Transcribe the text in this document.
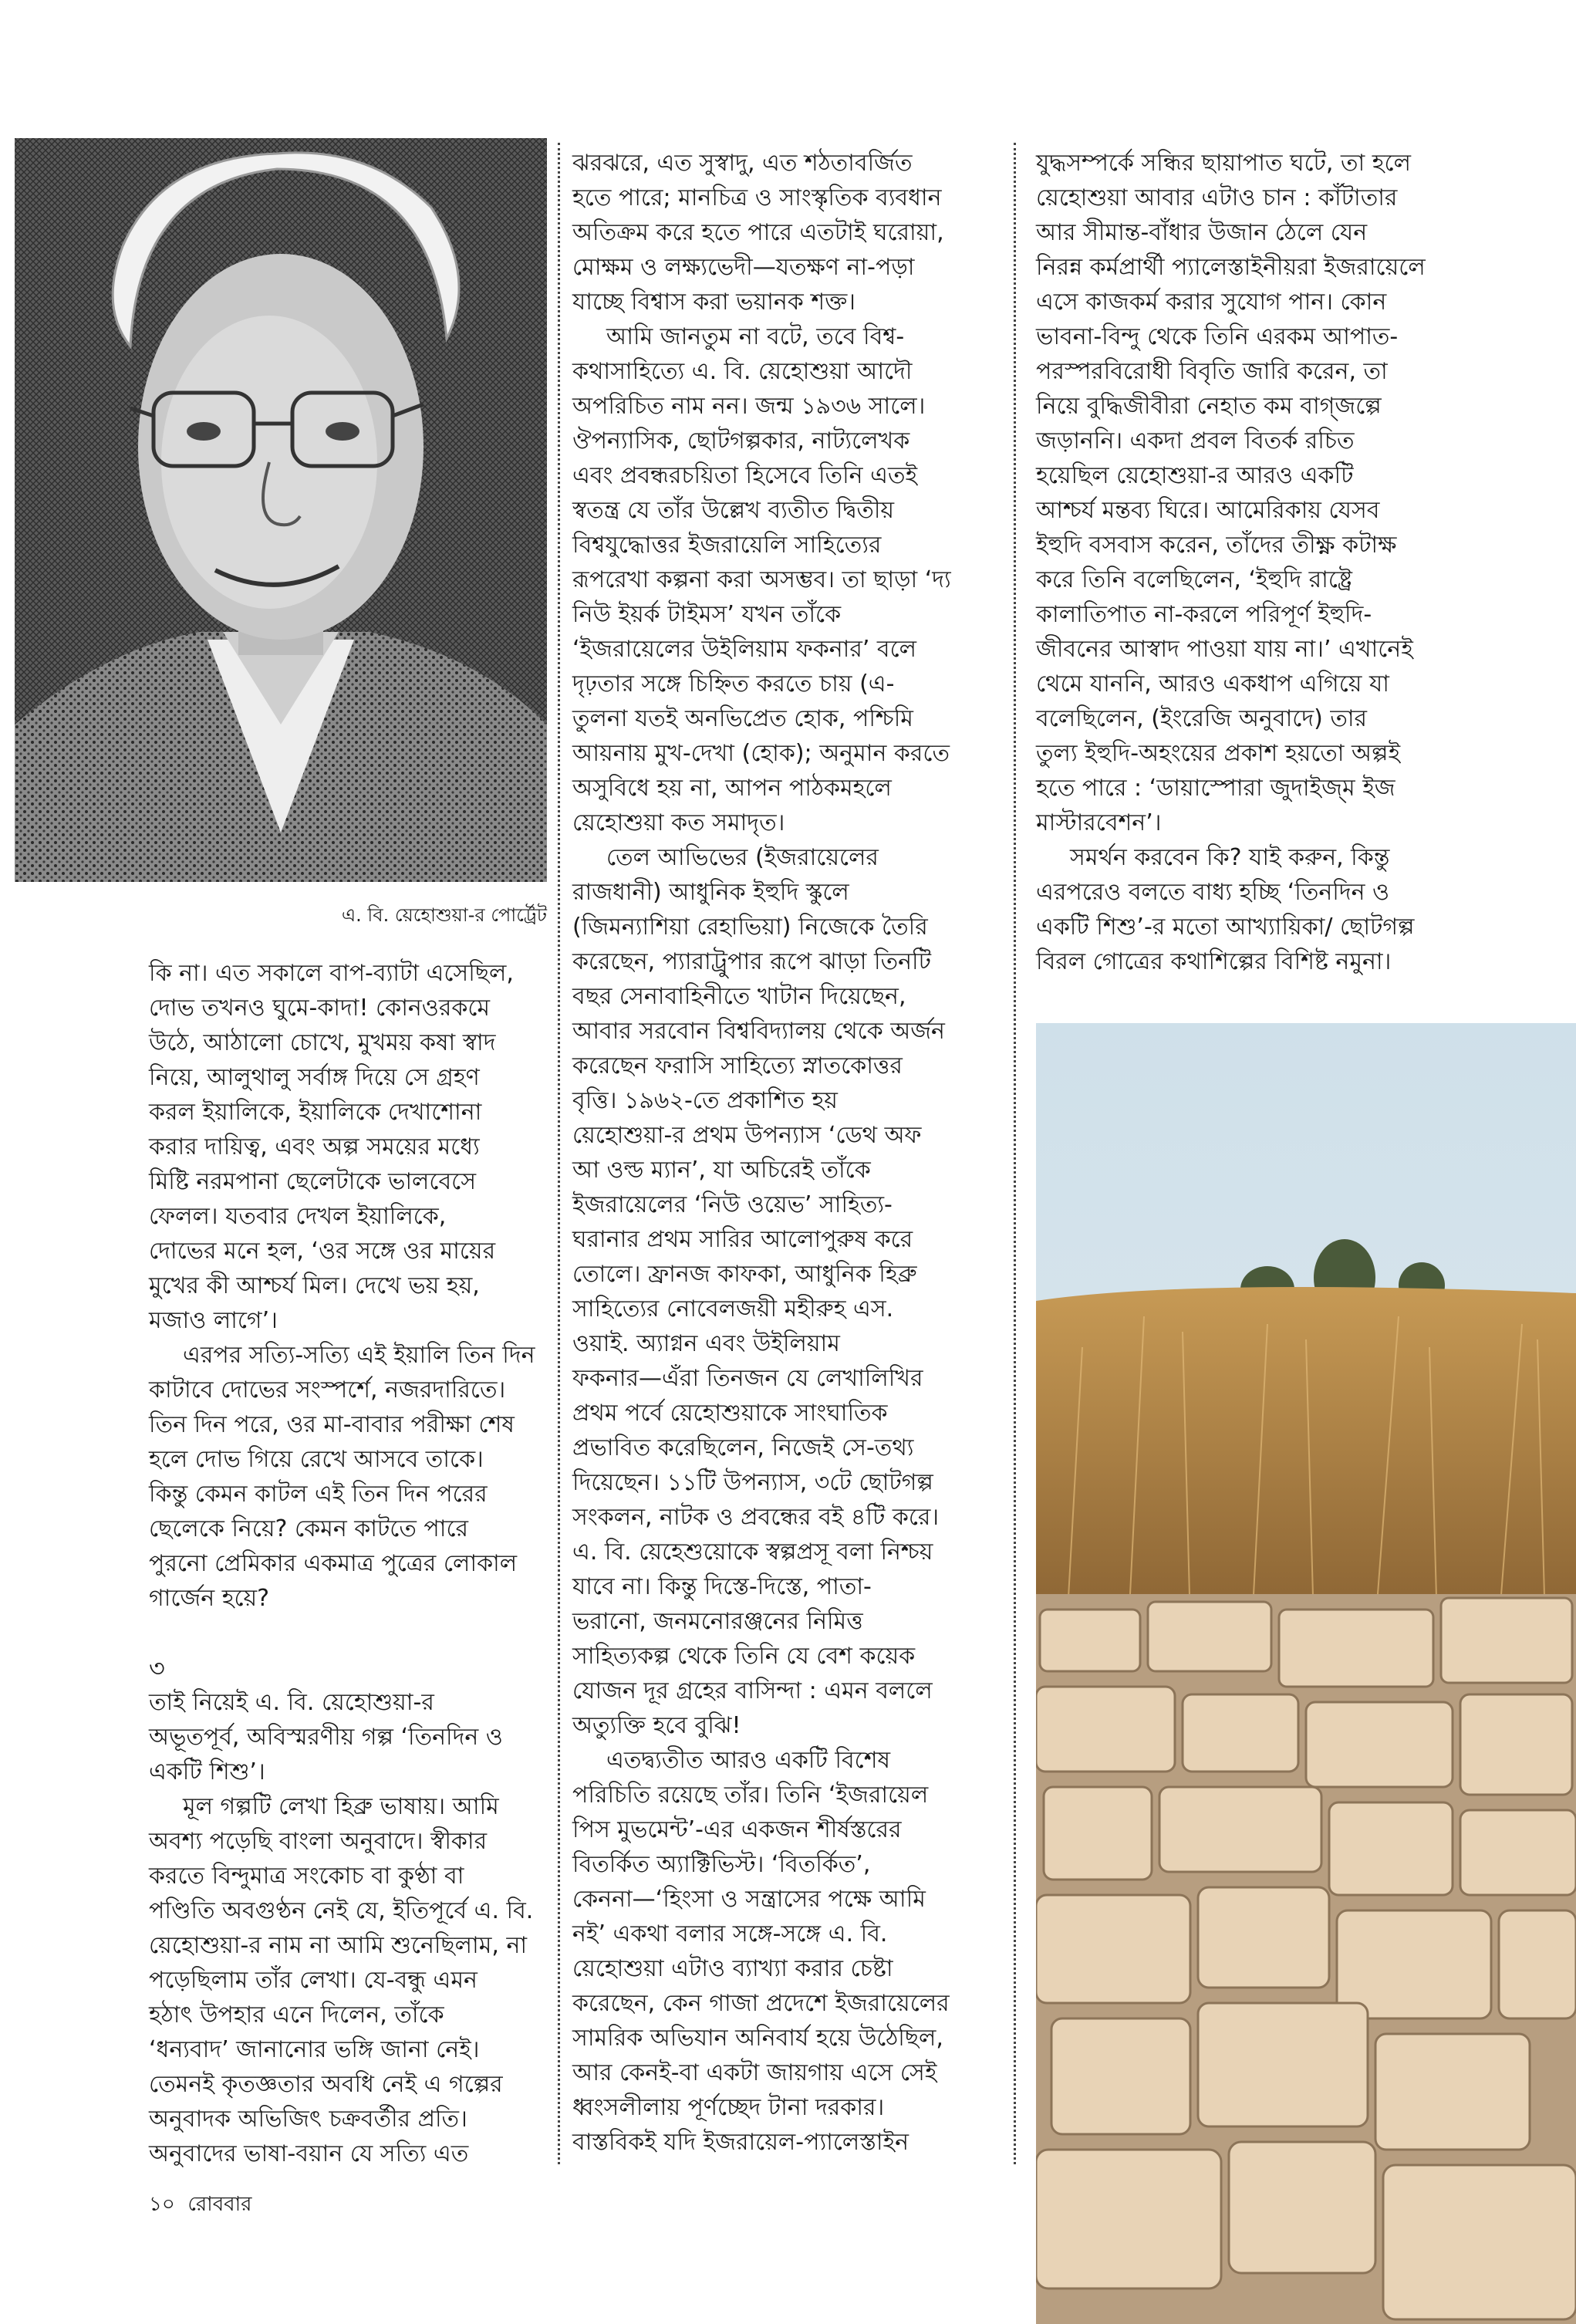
এ. বি. য়েহোশুয়া-র পোর্ট্রেট
কি না। এত সকালে বাপ-ব্যাটা এসেছিল,
দোভ তখনও ঘুমে-কাদা! কোনওরকমে
উঠে, আঠালো চোখে, মুখময় কষা স্বাদ
নিয়ে, আলুথালু সর্বাঙ্গ দিয়ে সে গ্রহণ
করল ইয়ালিকে, ইয়ালিকে দেখাশোনা
করার দায়িত্ব, এবং অল্প সময়ের মধ্যে
মিষ্টি নরমপানা ছেলেটাকে ভালবেসে
ফেলল। যতবার দেখল ইয়ালিকে,
দোভের মনে হল, ‘ওর সঙ্গে ওর মায়ের
মুখের কী আশ্চর্য মিল। দেখে ভয় হয়,
মজাও লাগে’।
এরপর সত্যি-সত্যি এই ইয়ালি তিন দিন
কাটাবে দোভের সংস্পর্শে, নজরদারিতে।
তিন দিন পরে, ওর মা-বাবার পরীক্ষা শেষ
হলে দোভ গিয়ে রেখে আসবে তাকে।
কিন্তু কেমন কাটল এই তিন দিন পরের
ছেলেকে নিয়ে? কেমন কাটতে পারে
পুরনো প্রেমিকার একমাত্র পুত্রের লোকাল
গার্জেন হয়ে?
৩
তাই নিয়েই এ. বি. য়েহোশুয়া-র
অভূতপূর্ব, অবিস্মরণীয় গল্প ‘তিনদিন ও
একটি শিশু’।
মূল গল্পটি লেখা হিব্রু ভাষায়। আমি
অবশ্য পড়েছি বাংলা অনুবাদে। স্বীকার
করতে বিন্দুমাত্র সংকোচ বা কুণ্ঠা বা
পণ্ডিতি অবগুণ্ঠন নেই যে, ইতিপূর্বে এ. বি.
য়েহোশুয়া-র নাম না আমি শুনেছিলাম, না
পড়েছিলাম তাঁর লেখা। যে-বন্ধু এমন
হঠাৎ উপহার এনে দিলেন, তাঁকে
‘ধন্যবাদ’ জানানোর ভঙ্গি জানা নেই।
তেমনই কৃতজ্ঞতার অবধি নেই এ গল্পের
অনুবাদক অভিজিৎ চক্রবর্তীর প্রতি।
অনুবাদের ভাষা-বয়ান যে সত্যি এত
ঝরঝরে, এত সুস্বাদু, এত শঠতাবর্জিত
হতে পারে; মানচিত্র ও সাংস্কৃতিক ব্যবধান
অতিক্রম করে হতে পারে এতটাই ঘরোয়া,
মোক্ষম ও লক্ষ্যভেদী—যতক্ষণ না-পড়া
যাচ্ছে বিশ্বাস করা ভয়ানক শক্ত।
আমি জানতুম না বটে, তবে বিশ্ব-
কথাসাহিত্যে এ. বি. য়েহোশুয়া আদৌ
অপরিচিত নাম নন। জন্ম ১৯৩৬ সালে।
ঔপন্যাসিক, ছোটগল্পকার, নাট্যলেখক
এবং প্রবন্ধরচয়িতা হিসেবে তিনি এতই
স্বতন্ত্র যে তাঁর উল্লেখ ব্যতীত দ্বিতীয়
বিশ্বযুদ্ধোত্তর ইজরায়েলি সাহিত্যের
রূপরেখা কল্পনা করা অসম্ভব। তা ছাড়া ‘দ্য
নিউ ইয়র্ক টাইমস’ যখন তাঁকে
‘ইজরায়েলের উইলিয়াম ফকনার’ বলে
দৃঢ়তার সঙ্গে চিহ্নিত করতে চায় (এ-
তুলনা যতই অনভিপ্রেত হোক, পশ্চিমি
আয়নায় মুখ-দেখা (হোক); অনুমান করতে
অসুবিধে হয় না, আপন পাঠকমহলে
য়েহোশুয়া কত সমাদৃত।
তেল আভিভের (ইজরায়েলের
রাজধানী) আধুনিক ইহুদি স্কুলে
(জিমন্যাশিয়া রেহাভিয়া) নিজেকে তৈরি
করেছেন, প্যারাট্রুপার রূপে ঝাড়া তিনটি
বছর সেনাবাহিনীতে খাটান দিয়েছেন,
আবার সরবোন বিশ্ববিদ্যালয় থেকে অর্জন
করেছেন ফরাসি সাহিত্যে স্নাতকোত্তর
বৃত্তি। ১৯৬২-তে প্রকাশিত হয়
য়েহোশুয়া-র প্রথম উপন্যাস ‘ডেথ অফ
আ ওল্ড ম্যান’, যা অচিরেই তাঁকে
ইজরায়েলের ‘নিউ ওয়েভ’ সাহিত্য-
ঘরানার প্রথম সারির আলোপুরুষ করে
তোলে। ফ্রানজ কাফকা, আধুনিক হিব্রু
সাহিত্যের নোবেলজয়ী মহীরুহ এস.
ওয়াই. অ্যাগ্নন এবং উইলিয়াম
ফকনার—এঁরা তিনজন যে লেখালিখির
প্রথম পর্বে য়েহোশুয়াকে সাংঘাতিক
প্রভাবিত করেছিলেন, নিজেই সে-তথ্য
দিয়েছেন। ১১টি উপন্যাস, ৩টে ছোটগল্প
সংকলন, নাটক ও প্রবন্ধের বই ৪টি করে।
এ. বি. য়েহেশুয়োকে স্বল্পপ্রসূ বলা নিশ্চয়
যাবে না। কিন্তু দিস্তে-দিস্তে, পাতা-
ভরানো, জনমনোরঞ্জনের নিমিত্ত
সাহিত্যকল্প থেকে তিনি যে বেশ কয়েক
যোজন দূর গ্রহের বাসিন্দা : এমন বললে
অত্যুক্তি হবে বুঝি!
এতদ্ব্যতীত আরও একটি বিশেষ
পরিচিতি রয়েছে তাঁর। তিনি ‘ইজরায়েল
পিস মুভমেন্ট’-এর একজন শীর্ষস্তরের
বিতর্কিত অ্যাক্টিভিস্ট। ‘বিতর্কিত’,
কেননা—‘হিংসা ও সন্ত্রাসের পক্ষে আমি
নই’ একথা বলার সঙ্গে-সঙ্গে এ. বি.
য়েহোশুয়া এটাও ব্যাখ্যা করার চেষ্টা
করেছেন, কেন গাজা প্রদেশে ইজরায়েলের
সামরিক অভিযান অনিবার্য হয়ে উঠেছিল,
আর কেনই-বা একটা জায়গায় এসে সেই
ধ্বংসলীলায় পূর্ণচ্ছেদ টানা দরকার।
বাস্তবিকই যদি ইজরায়েল-প্যালেস্তাইন
যুদ্ধসম্পর্কে সন্ধির ছায়াপাত ঘটে, তা হলে
য়েহোশুয়া আবার এটাও চান : কাঁটাতার
আর সীমান্ত-বাঁধার উজান ঠেলে যেন
নিরন্ন কর্মপ্রার্থী প্যালেস্তাইনীয়রা ইজরায়েলে
এসে কাজকর্ম করার সুযোগ পান। কোন
ভাবনা-বিন্দু থেকে তিনি এরকম আপাত-
পরস্পরবিরোধী বিবৃতি জারি করেন, তা
নিয়ে বুদ্ধিজীবীরা নেহাত কম বাগ্‌জল্পে
জড়াননি। একদা প্রবল বিতর্ক রচিত
হয়েছিল য়েহোশুয়া-র আরও একটি
আশ্চর্য মন্তব্য ঘিরে। আমেরিকায় যেসব
ইহুদি বসবাস করেন, তাঁদের তীক্ষ্ণ কটাক্ষ
করে তিনি বলেছিলেন, ‘ইহুদি রাষ্ট্রে
কালাতিপাত না-করলে পরিপূর্ণ ইহুদি-
জীবনের আস্বাদ পাওয়া যায় না।’ এখানেই
থেমে যাননি, আরও একধাপ এগিয়ে যা
বলেছিলেন, (ইংরেজি অনুবাদে) তার
তুল্য ইহুদি-অহংয়ের প্রকাশ হয়তো অল্পই
হতে পারে : ‘ডায়াস্পোরা জুদাইজ্‌ম ইজ
মাস্টারবেশন’।
সমর্থন করবেন কি? যাই করুন, কিন্তু
এরপরেও বলতে বাধ্য হচ্ছি ‘তিনদিন ও
একটি শিশু’-র মতো আখ্যায়িকা/ ছোটগল্প
বিরল গোত্রের কথাশিল্পের বিশিষ্ট নমুনা।
১০ রোববার
